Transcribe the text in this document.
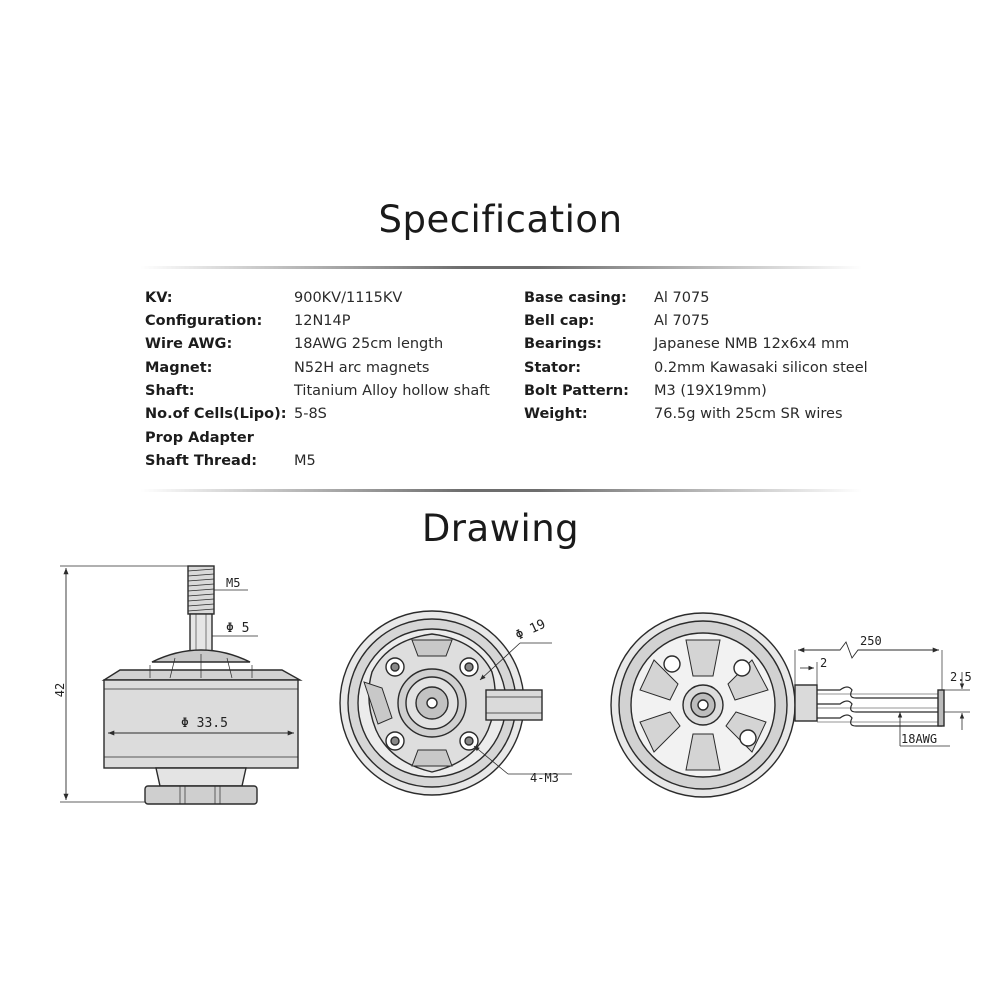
Specification
KV:	900KV/1115KV
Configuration: 12N14P
Wire AWG:	18AWG 25cm length
Magnet:	N52H arc magnets
Shaft:	Titanium Alloy hollow shaft
No.of Cells(Lipo): 5-8S
Prop Adapter
Shaft Thread:	M5
Base casing: Al 7075
Bell cap:	Al 7075
Bearings:	Japanese NMB 12x6x4 mm
Stator:	0.2mm Kawasaki silicon steel
Bolt Pattern: M3 (19X19mm)
Weight:	76.5g with 25cm SR wires
Drawing
42
Φ 33.5
M5
Φ 5	Φ 19
4-M3
250
2
2.5
18AWG
